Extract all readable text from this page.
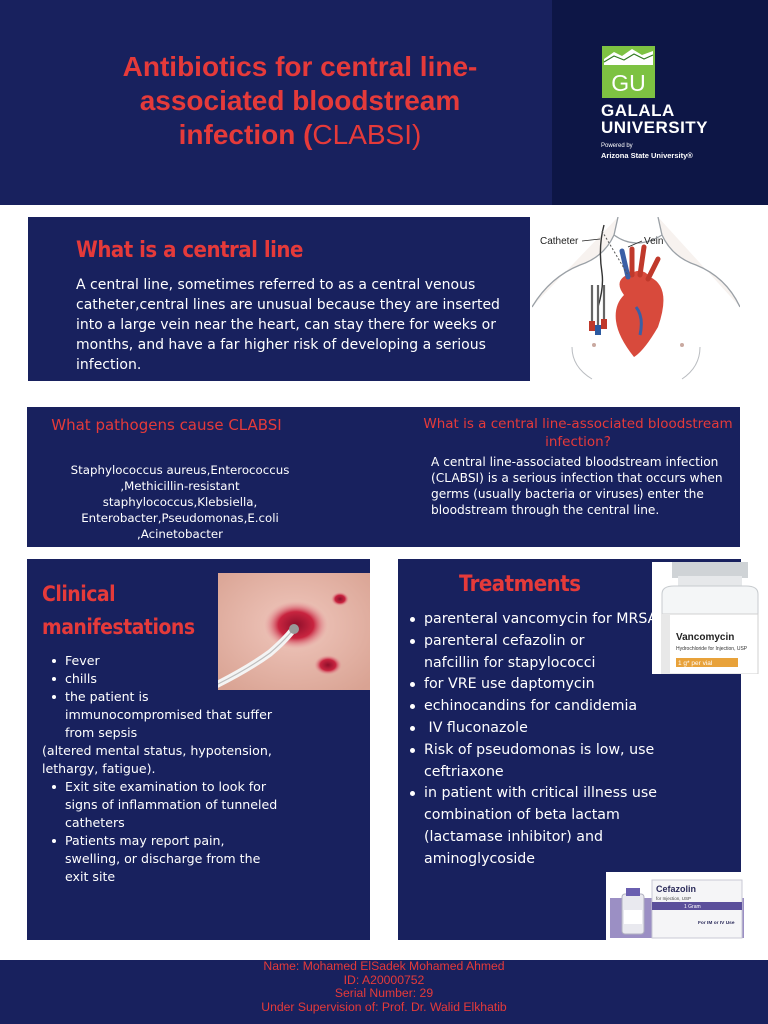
Antibiotics for central line-
associated bloodstream
infection (CLABSI)
GU
GALALA
UNIVERSITY
Powered by
Arizona State University®
What is a central line
A central line, sometimes referred to as a central venous catheter,central lines are unusual because they are inserted into a large vein near the heart, can stay there for weeks or months, and have a far higher risk of developing a serious infection.
Catheter	Vein
What pathogens cause CLABSI
Staphylococcus aureus,Enterococcus ,Methicillin-resistant staphylococcus,Klebsiella, Enterobacter,Pseudomonas,E.coli ,Acinetobacter
What is a central line-associated bloodstream infection?
A central line-associated bloodstream infection (CLABSI) is a serious infection that occurs when germs (usually bacteria or viruses) enter the bloodstream through the central line.
Clinical
manifestations
Fever
chills
the patient is immunocompromised that suffer from sepsis
(altered mental status, hypotension, lethargy, fatigue).
Exit site examination to look for signs of inflammation of tunneled catheters
Patients may report pain, swelling, or discharge from the exit site
Vancomycin
Hydrochloride for Injection, USP
1 g* per vial
Treatments
parenteral vancomycin for MRSA
parenteral cefazolin or nafcillin for stapylococci
for VRE use daptomycin
echinocandins for candidemia
IV fluconazole
Risk of pseudomonas is low, use ceftriaxone
in patient with critical illness use combination of beta lactam (lactamase inhibitor) and aminoglycoside
Cefazolin
for Injection, USP
1 Gram
For IM or IV Use
Name: Mohamed ElSadek Mohamed Ahmed
ID: A20000752
Serial Number: 29
Under Supervision of: Prof. Dr. Walid Elkhatib
